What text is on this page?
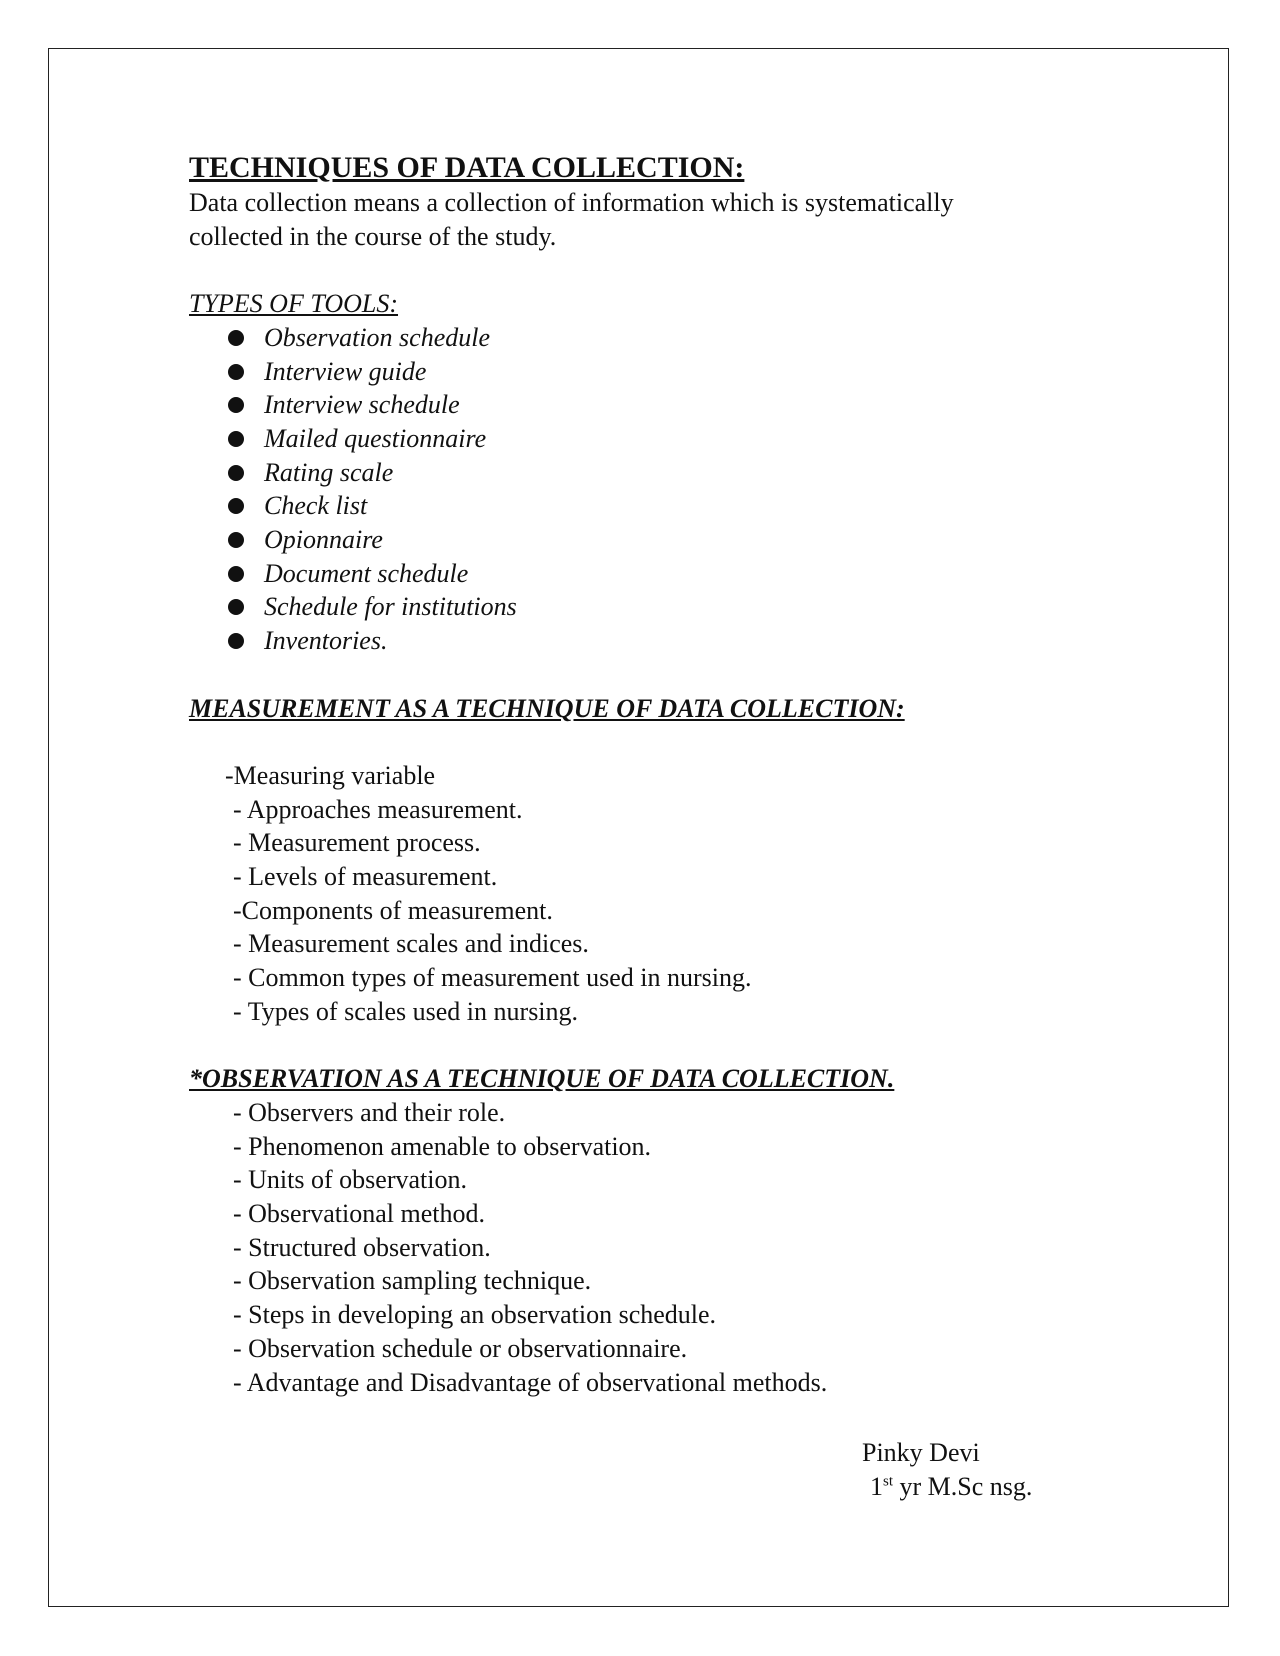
TECHNIQUES OF DATA COLLECTION:

Data collection means a collection of information which is systematically

collected in the course of the study.

TYPES OF TOOLS:

Observation schedule
Interview guide
Interview schedule
Mailed questionnaire
Rating scale
Check list
Opionnaire
Document schedule
Schedule for institutions
Inventories.

MEASUREMENT AS A TECHNIQUE OF DATA COLLECTION:

-Measuring variable
- Approaches measurement.
- Measurement process.
- Levels of measurement.
-Components of measurement.
- Measurement scales and indices.
- Common types of measurement used in nursing.
- Types of scales used in nursing.

*OBSERVATION AS A TECHNIQUE OF DATA COLLECTION.

- Observers and their role.
- Phenomenon amenable to observation.
- Units of observation.
- Observational method.
- Structured observation.
- Observation sampling technique.
- Steps in developing an observation schedule.
- Observation schedule or observationnaire.
- Advantage and Disadvantage of observational methods.
Pinky Devi
1st yr M.Sc nsg.
